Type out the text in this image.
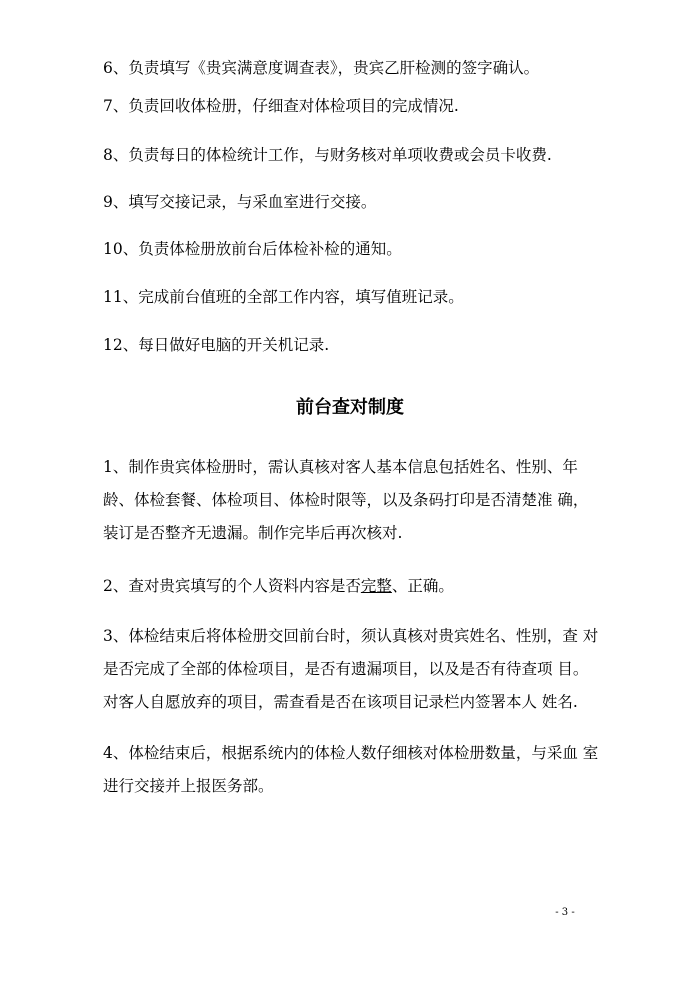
6、负责填写《贵宾满意度调查表》，贵宾乙肝检测的签字确认。

7、负责回收体检册，仔细查对体检项目的完成情况.

8、负责每日的体检统计工作，与财务核对单项收费或会员卡收费.

9、填写交接记录，与采血室进行交接。

10、负责体检册放前台后体检补检的通知。

11、完成前台值班的全部工作内容，填写值班记录。

12、每日做好电脑的开关机记录.

前台查对制度
1、制作贵宾体检册时，需认真核对客人基本信息包括姓名、性别、年
龄、体检套餐、体检项目、体检时限等，以及条码打印是否清楚准 确，
装订是否整齐无遗漏。制作完毕后再次核对.
2、查对贵宾填写的个人资料内容是否完整、正确。
3、体检结束后将体检册交回前台时，须认真核对贵宾姓名、性别，查 对
是否完成了全部的体检项目，是否有遗漏项目，以及是否有待查项 目。
对客人自愿放弃的项目，需查看是否在该项目记录栏内签署本人 姓名.
4、体检结束后，根据系统内的体检人数仔细核对体检册数量，与采血 室
进行交接并上报医务部。
- 3 -
